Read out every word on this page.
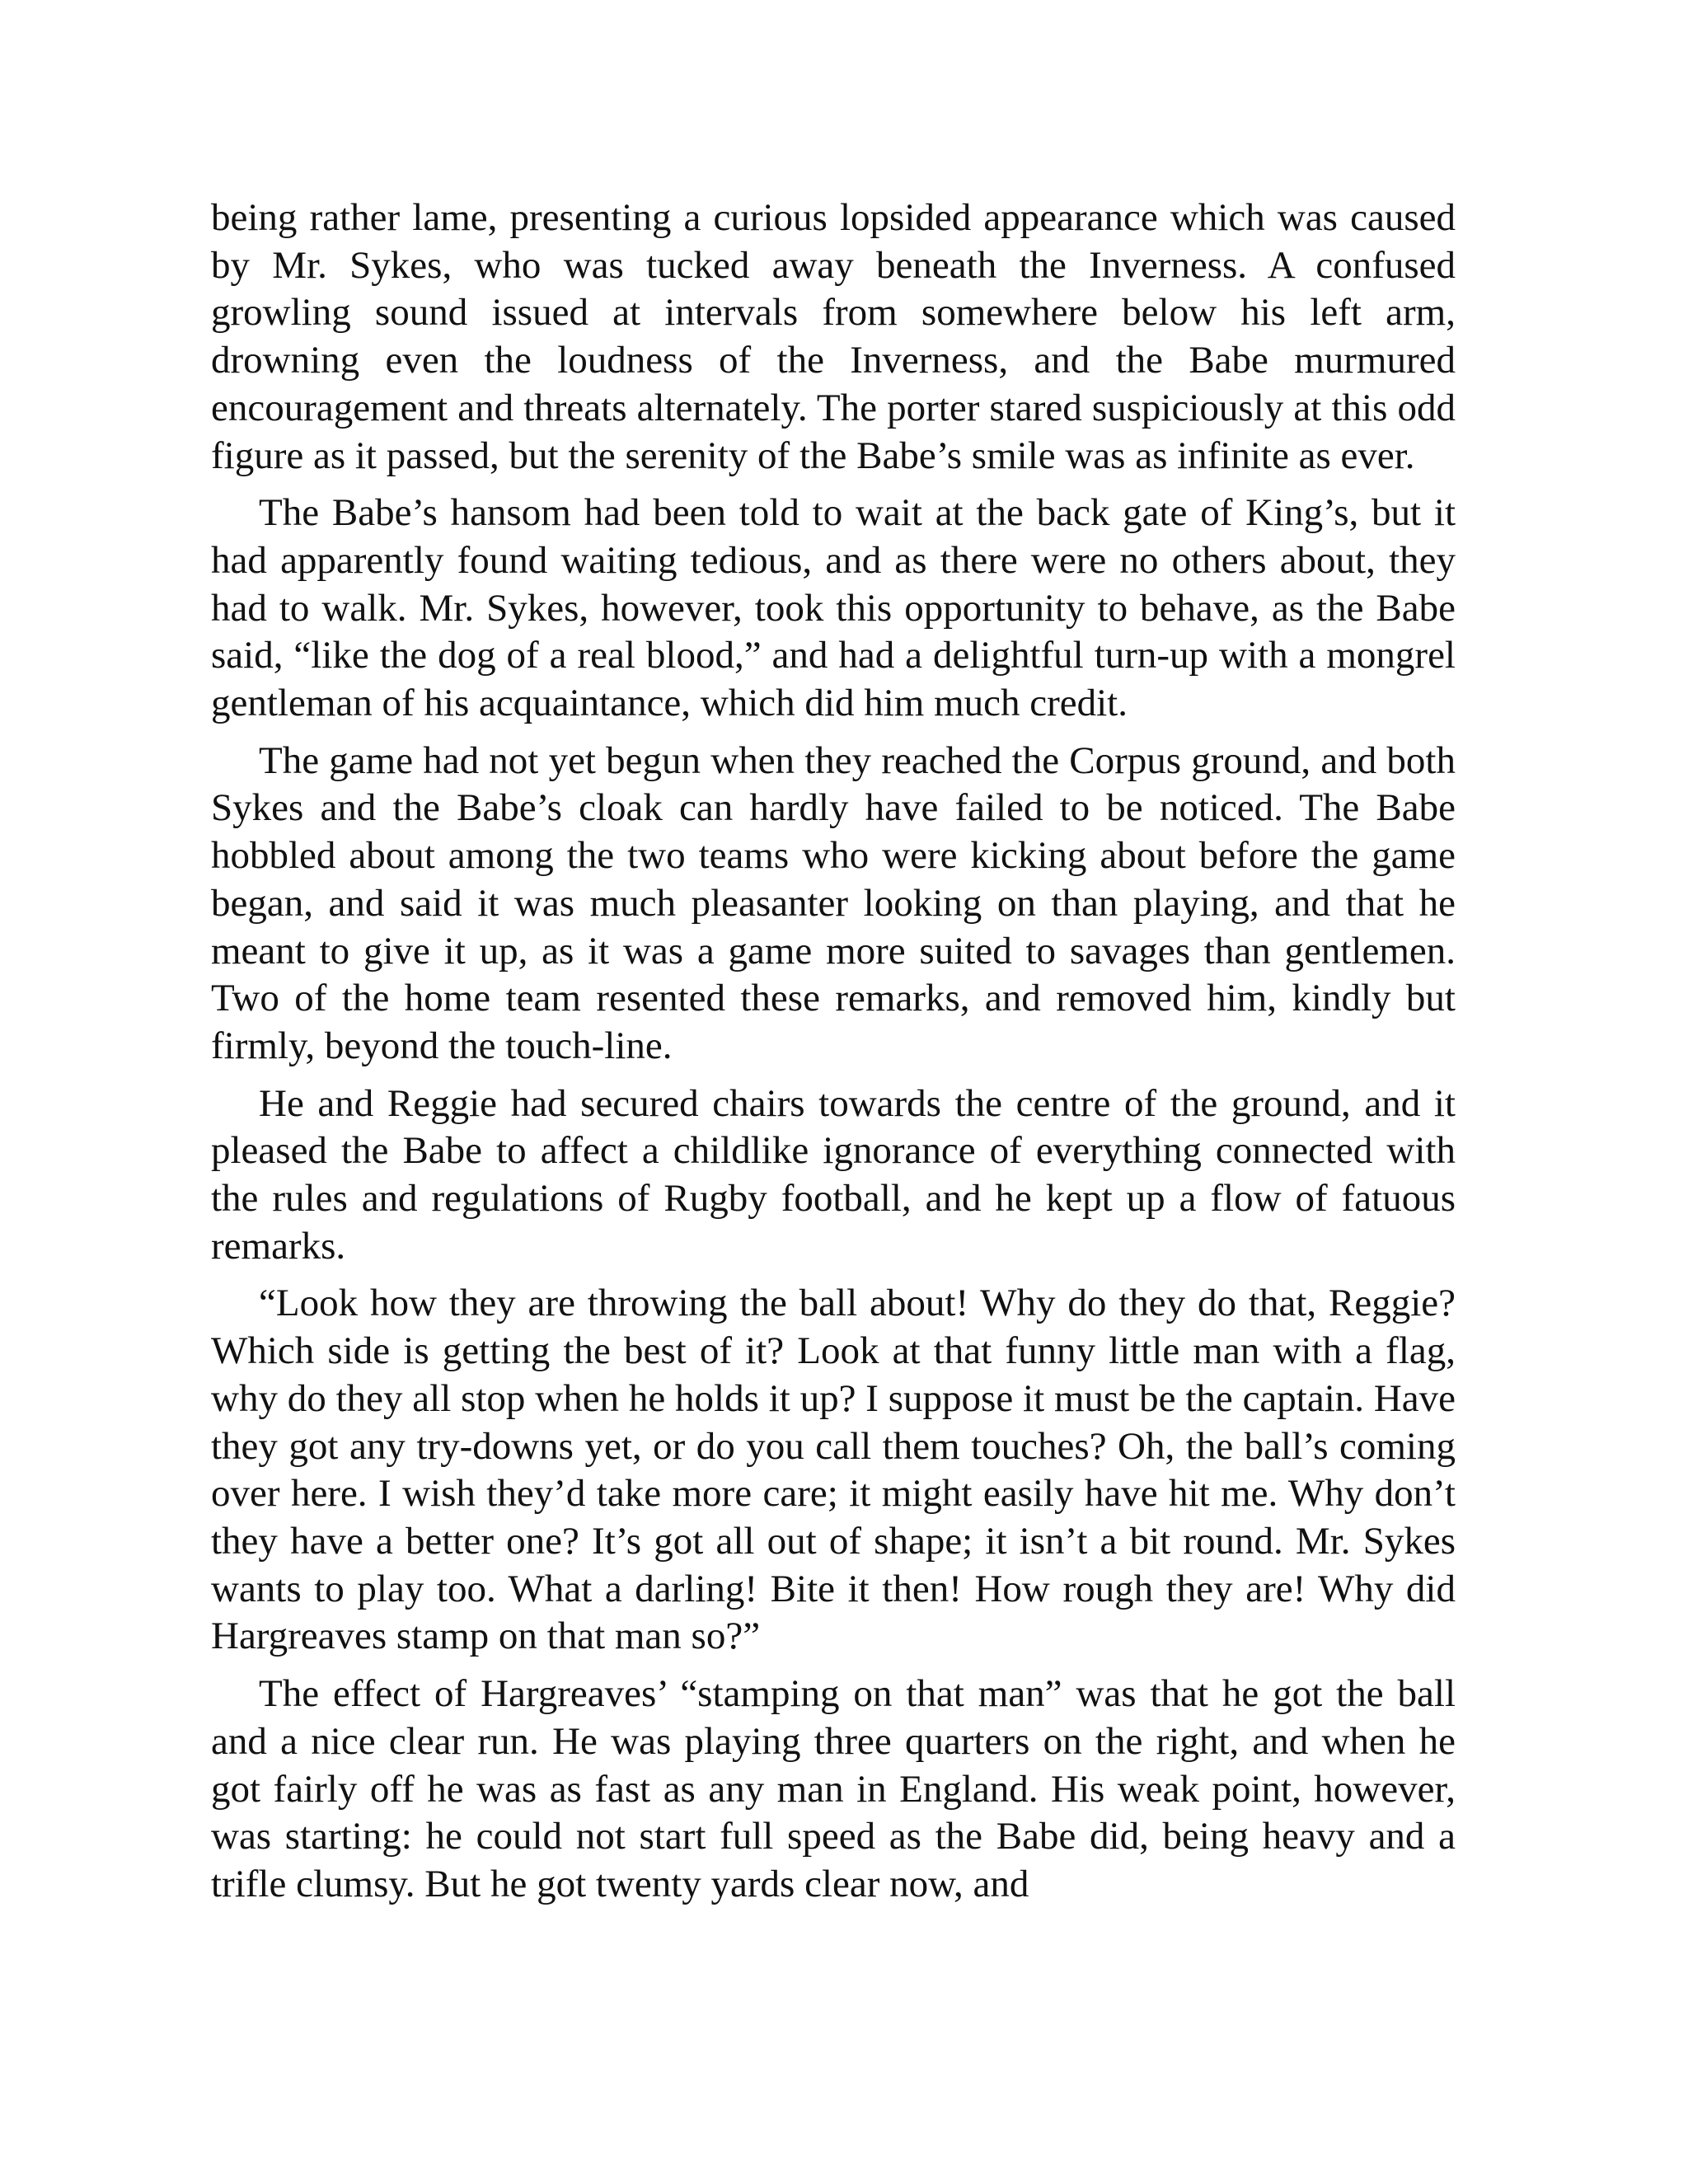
being rather lame, presenting a curious lopsided appearance which was caused by Mr. Sykes, who was tucked away beneath the Inverness. A confused growling sound issued at intervals from somewhere below his left arm, drowning even the loudness of the Inverness, and the Babe murmured encouragement and threats alternately. The porter stared suspiciously at this odd figure as it passed, but the serenity of the Babe’s smile was as infinite as ever.

The Babe’s hansom had been told to wait at the back gate of King’s, but it had apparently found waiting tedious, and as there were no others about, they had to walk. Mr. Sykes, however, took this opportunity to behave, as the Babe said, “like the dog of a real blood,” and had a delightful turn-up with a mongrel gentleman of his acquaintance, which did him much credit.

The game had not yet begun when they reached the Corpus ground, and both Sykes and the Babe’s cloak can hardly have failed to be noticed. The Babe hobbled about among the two teams who were kicking about before the game began, and said it was much pleasanter looking on than playing, and that he meant to give it up, as it was a game more suited to savages than gentlemen. Two of the home team resented these remarks, and removed him, kindly but firmly, beyond the touch-line.

He and Reggie had secured chairs towards the centre of the ground, and it pleased the Babe to affect a childlike ignorance of everything connected with the rules and regulations of Rugby football, and he kept up a flow of fatuous remarks.

“Look how they are throwing the ball about! Why do they do that, Reggie? Which side is getting the best of it? Look at that funny little man with a flag, why do they all stop when he holds it up? I suppose it must be the captain. Have they got any try-downs yet, or do you call them touches? Oh, the ball’s coming over here. I wish they’d take more care; it might easily have hit me. Why don’t they have a better one? It’s got all out of shape; it isn’t a bit round. Mr. Sykes wants to play too. What a darling! Bite it then! How rough they are! Why did Hargreaves stamp on that man so?”

The effect of Hargreaves’ “stamping on that man” was that he got the ball and a nice clear run. He was playing three quarters on the right, and when he got fairly off he was as fast as any man in England. His weak point, however, was starting: he could not start full speed as the Babe did, being heavy and a trifle clumsy. But he got twenty yards clear now, and
